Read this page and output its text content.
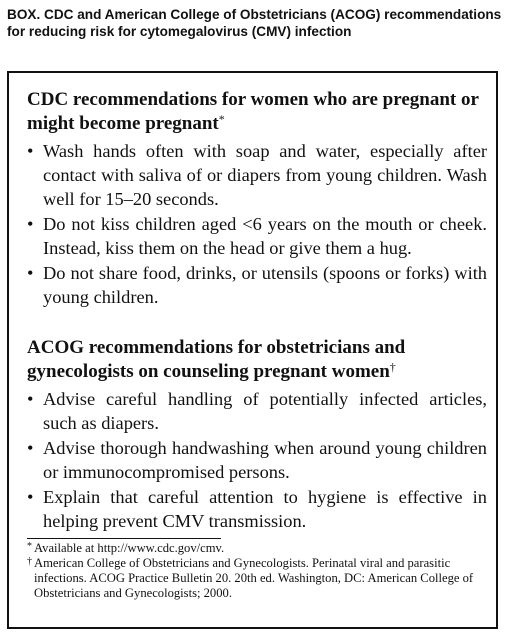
BOX. CDC and American College of Obstetricians (ACOG) recommendations for reducing risk for cytomegalovirus (CMV) infection
CDC recommendations for women who are pregnant or might become pregnant*
• Wash hands often with soap and water, especially after contact with saliva of or diapers from young children. Wash well for 15–20 seconds.
• Do not kiss children aged <6 years on the mouth or cheek. Instead, kiss them on the head or give them a hug.
• Do not share food, drinks, or utensils (spoons or forks) with young children.
ACOG recommendations for obstetricians and gynecologists on counseling pregnant women†
• Advise careful handling of potentially infected articles, such as diapers.
• Advise thorough handwashing when around young children or immunocompromised persons.
• Explain that careful attention to hygiene is effective in helping prevent CMV transmission.

* Available at http://www.cdc.gov/cmv.

† American College of Obstetricians and Gynecologists. Perinatal viral and parasitic infections. ACOG Practice Bulletin 20. 20th ed. Washington, DC: American College of Obstetricians and Gynecologists; 2000.
